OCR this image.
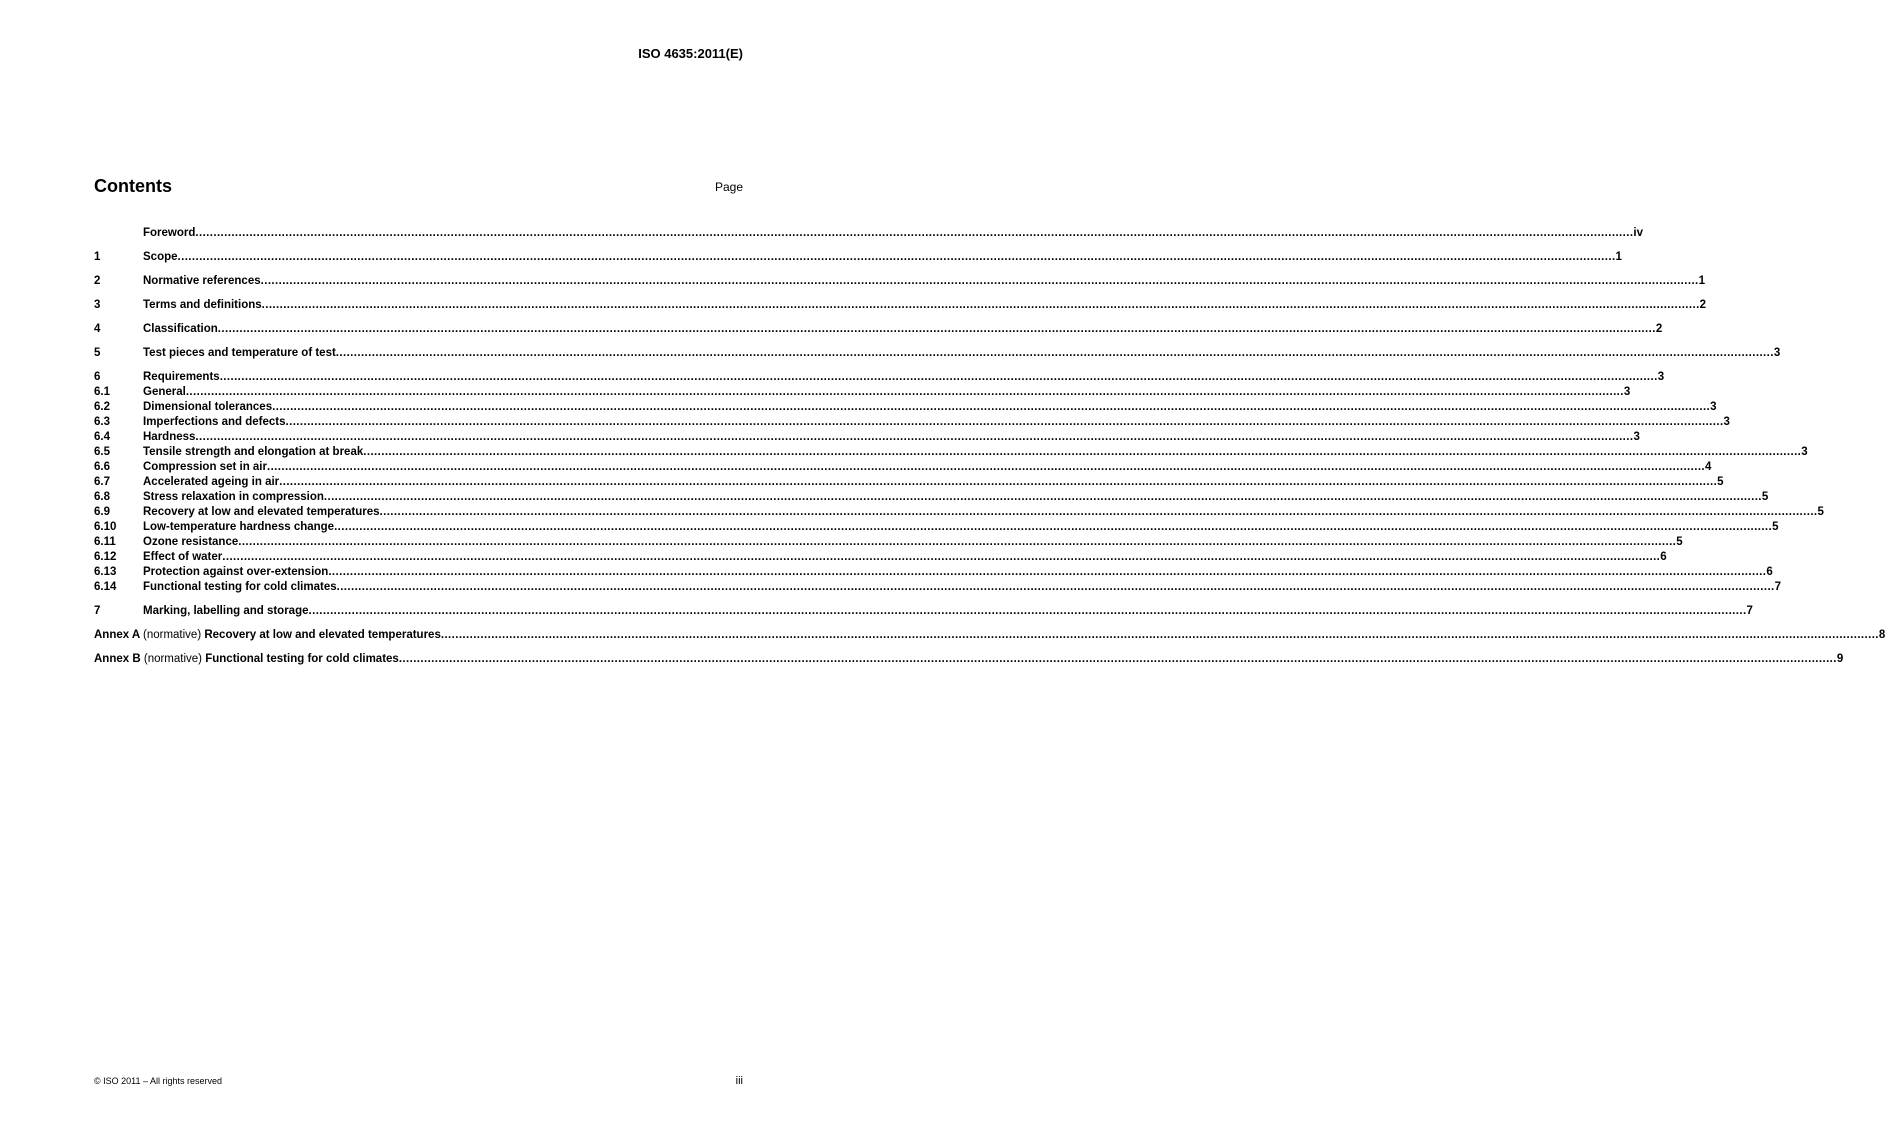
ISO 4635:2011(E)
Contents	Page
Foreword ................................................................................................................................................................................................................................................................................................................................................................................................................ iv
1	Scope ................................................................................................................................................................................................................................................................................................................................................................................................................ 1
2	Normative references ................................................................................................................................................................................................................................................................................................................................................................................................................ 1
3	Terms and definitions ................................................................................................................................................................................................................................................................................................................................................................................................................ 2
4	Classification ................................................................................................................................................................................................................................................................................................................................................................................................................ 2
5	Test pieces and temperature of test ................................................................................................................................................................................................................................................................................................................................................................................................................ 3
6	Requirements ................................................................................................................................................................................................................................................................................................................................................................................................................ 3
6.1	General ................................................................................................................................................................................................................................................................................................................................................................................................................ 3
6.2	Dimensional tolerances ................................................................................................................................................................................................................................................................................................................................................................................................................ 3
6.3	Imperfections and defects ................................................................................................................................................................................................................................................................................................................................................................................................................ 3
6.4	Hardness ................................................................................................................................................................................................................................................................................................................................................................................................................ 3
6.5	Tensile strength and elongation at break ................................................................................................................................................................................................................................................................................................................................................................................................................ 3
6.6	Compression set in air ................................................................................................................................................................................................................................................................................................................................................................................................................ 4
6.7	Accelerated ageing in air ................................................................................................................................................................................................................................................................................................................................................................................................................ 5
6.8	Stress relaxation in compression ................................................................................................................................................................................................................................................................................................................................................................................................................ 5
6.9	Recovery at low and elevated temperatures ................................................................................................................................................................................................................................................................................................................................................................................................................ 5
6.10	Low-temperature hardness change ................................................................................................................................................................................................................................................................................................................................................................................................................ 5
6.11	Ozone resistance ................................................................................................................................................................................................................................................................................................................................................................................................................ 5
6.12	Effect of water ................................................................................................................................................................................................................................................................................................................................................................................................................ 6
6.13	Protection against over-extension ................................................................................................................................................................................................................................................................................................................................................................................................................ 6
6.14	Functional testing for cold climates ................................................................................................................................................................................................................................................................................................................................................................................................................ 7
7	Marking, labelling and storage ................................................................................................................................................................................................................................................................................................................................................................................................................ 7
Annex A (normative) Recovery at low and elevated temperatures ................................................................................................................................................................................................................................................................................................................................................................................................................ 8
Annex B (normative) Functional testing for cold climates ................................................................................................................................................................................................................................................................................................................................................................................................................ 9
© ISO 2011 – All rights reserved	iii
